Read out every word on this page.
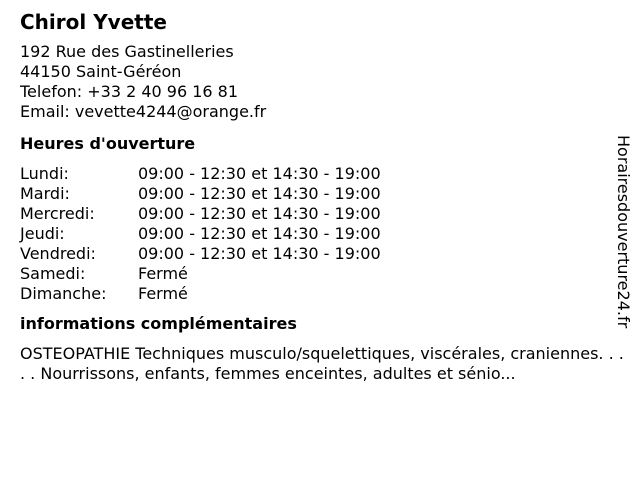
Chirol Yvette
192 Rue des Gastinelleries
44150 Saint-Géréon
Telefon: +33 2 40 96 16 81
Email: vevette4244@orange.fr
Heures d'ouverture
Lundi:	09:00 - 12:30 et 14:30 - 19:00
Mardi:	09:00 - 12:30 et 14:30 - 19:00
Mercredi:	09:00 - 12:30 et 14:30 - 19:00
Jeudi:	09:00 - 12:30 et 14:30 - 19:00
Vendredi:	09:00 - 12:30 et 14:30 - 19:00
Samedi:	Fermé
Dimanche:	Fermé
informations complémentaires
OSTEOPATHIE Techniques musculo/squelettiques, viscérales, craniennes. . . . . Nourrissons, enfants, femmes enceintes, adultes et sénio...
Horairesdouverture24.fr
